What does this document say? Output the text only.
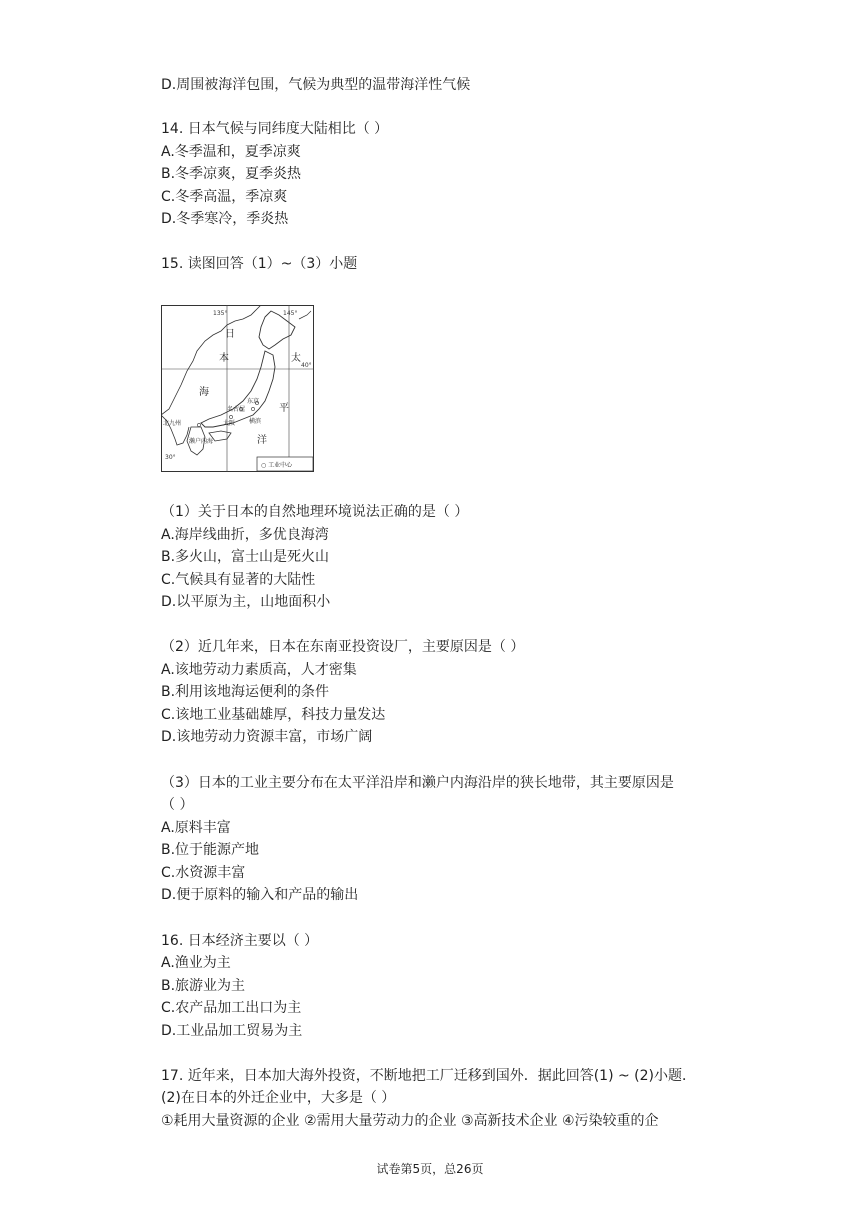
D.周围被海洋包围，气候为典型的温带海洋性气候
14. 日本气候与同纬度大陆相比（ ）
A.冬季温和，夏季凉爽
B.冬季凉爽，夏季炎热
C.冬季高温，季凉爽
D.冬季寒冷，季炎热
15. 读图回答（1）~（3）小题
135°	145°
40°
30°
日
本
海
太
平
洋
北九州
名古屋
东京
大阪 横滨
濑户内海
○ 工业中心
（1）关于日本的自然地理环境说法正确的是（ ）
A.海岸线曲折，多优良海湾
B.多火山，富士山是死火山
C.气候具有显著的大陆性
D.以平原为主，山地面积小
（2）近几年来，日本在东南亚投资设厂，主要原因是（ ）
A.该地劳动力素质高，人才密集
B.利用该地海运便利的条件
C.该地工业基础雄厚，科技力量发达
D.该地劳动力资源丰富，市场广阔
（3）日本的工业主要分布在太平洋沿岸和濑户内海沿岸的狭长地带，其主要原因是
（ ）
A.原料丰富
B.位于能源产地
C.水资源丰富
D.便于原料的输入和产品的输出
16. 日本经济主要以（ ）
A.渔业为主
B.旅游业为主
C.农产品加工出口为主
D.工业品加工贸易为主
17. 近年来，日本加大海外投资，不断地把工厂迁移到国外．据此回答(1) ~ (2)小题．
(2)在日本的外迁企业中，大多是（ ）
①耗用大量资源的企业 ②需用大量劳动力的企业 ③高新技术企业 ④污染较重的企
试卷第5页，总26页
